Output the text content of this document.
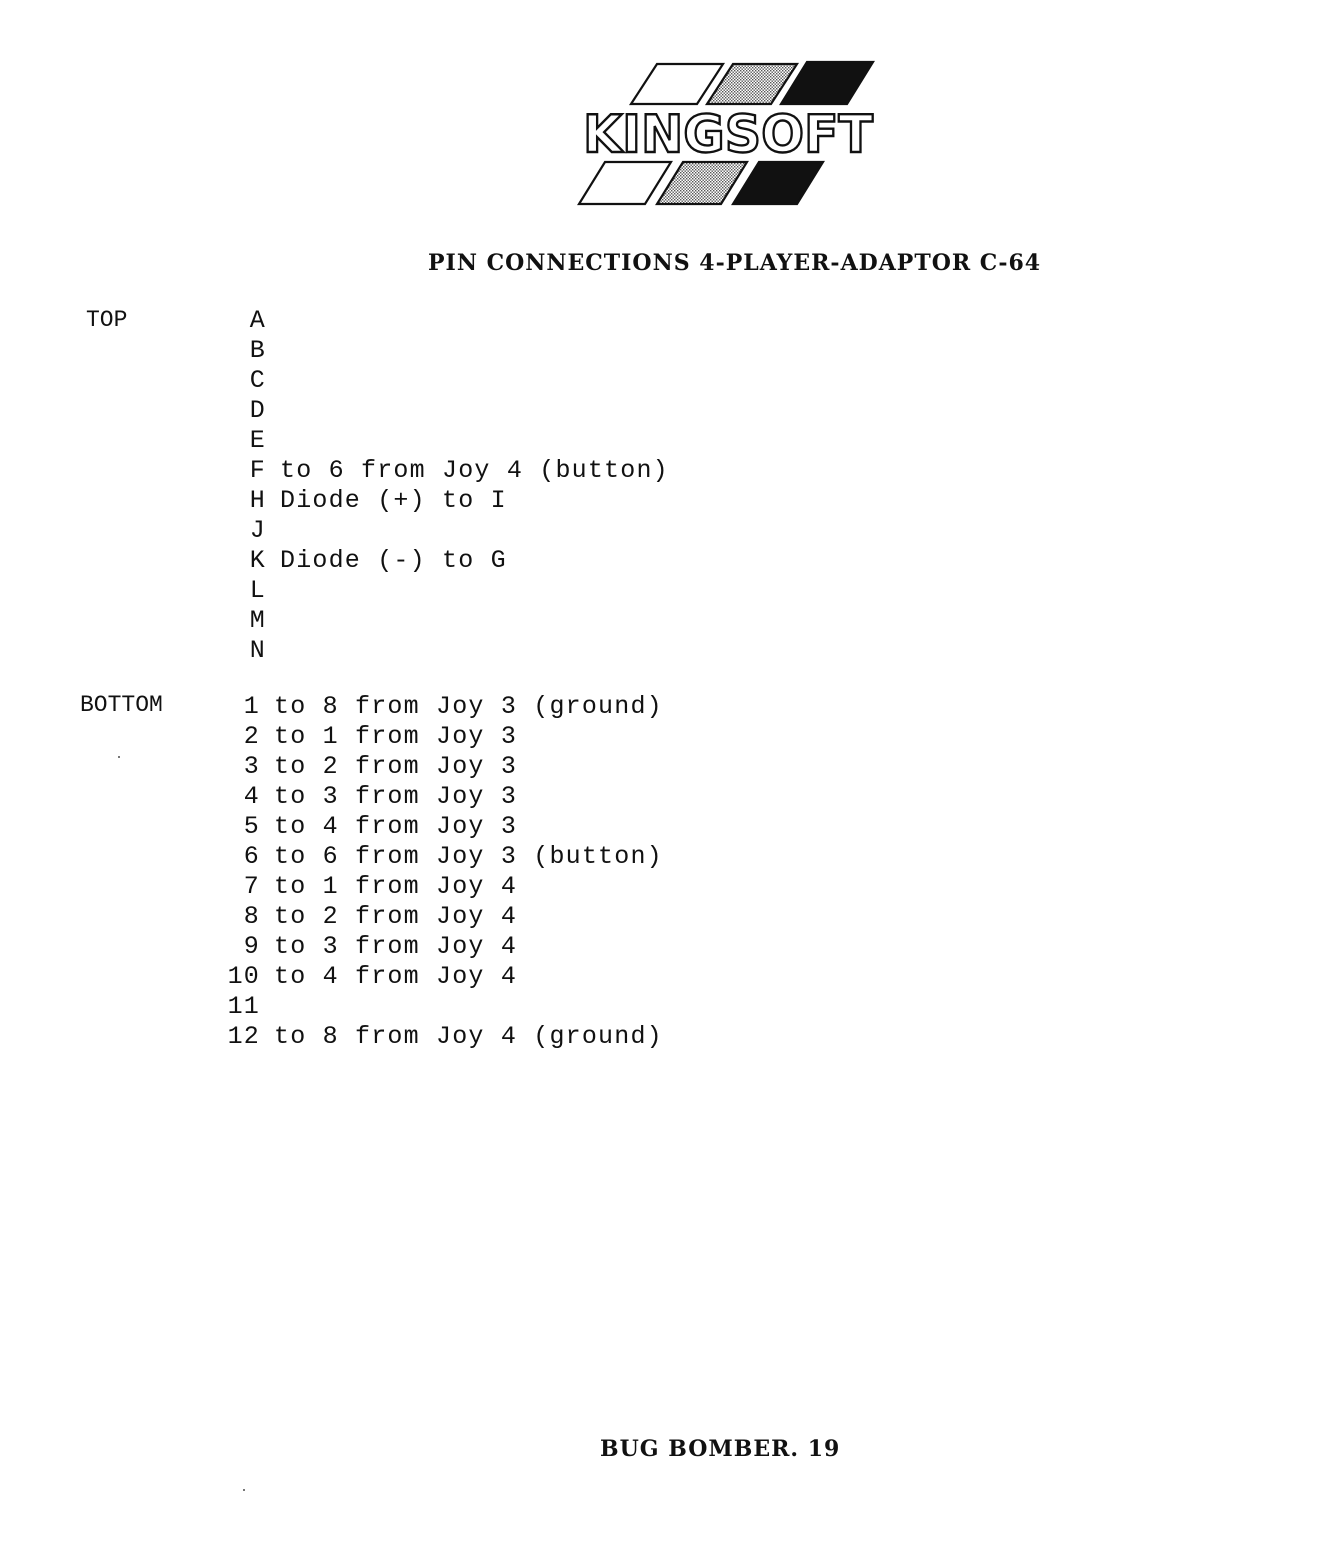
KINGSOFT
PIN CONNECTIONS 4-PLAYER-ADAPTOR C-64
TOP	A
B
C
D
E
F to 6 from Joy 4 (button)
H Diode (+) to I
J
K Diode (-) to G
L
M
N
BOTTOM	1 to 8 from Joy 3 (ground)
2 to 1 from Joy 3
3 to 2 from Joy 3
4 to 3 from Joy 3
5 to 4 from Joy 3
6 to 6 from Joy 3 (button)
7 to 1 from Joy 4
8 to 2 from Joy 4
9 to 3 from Joy 4
10 to 4 from Joy 4
11
12 to 8 from Joy 4 (ground)
BUG BOMBER. 19
